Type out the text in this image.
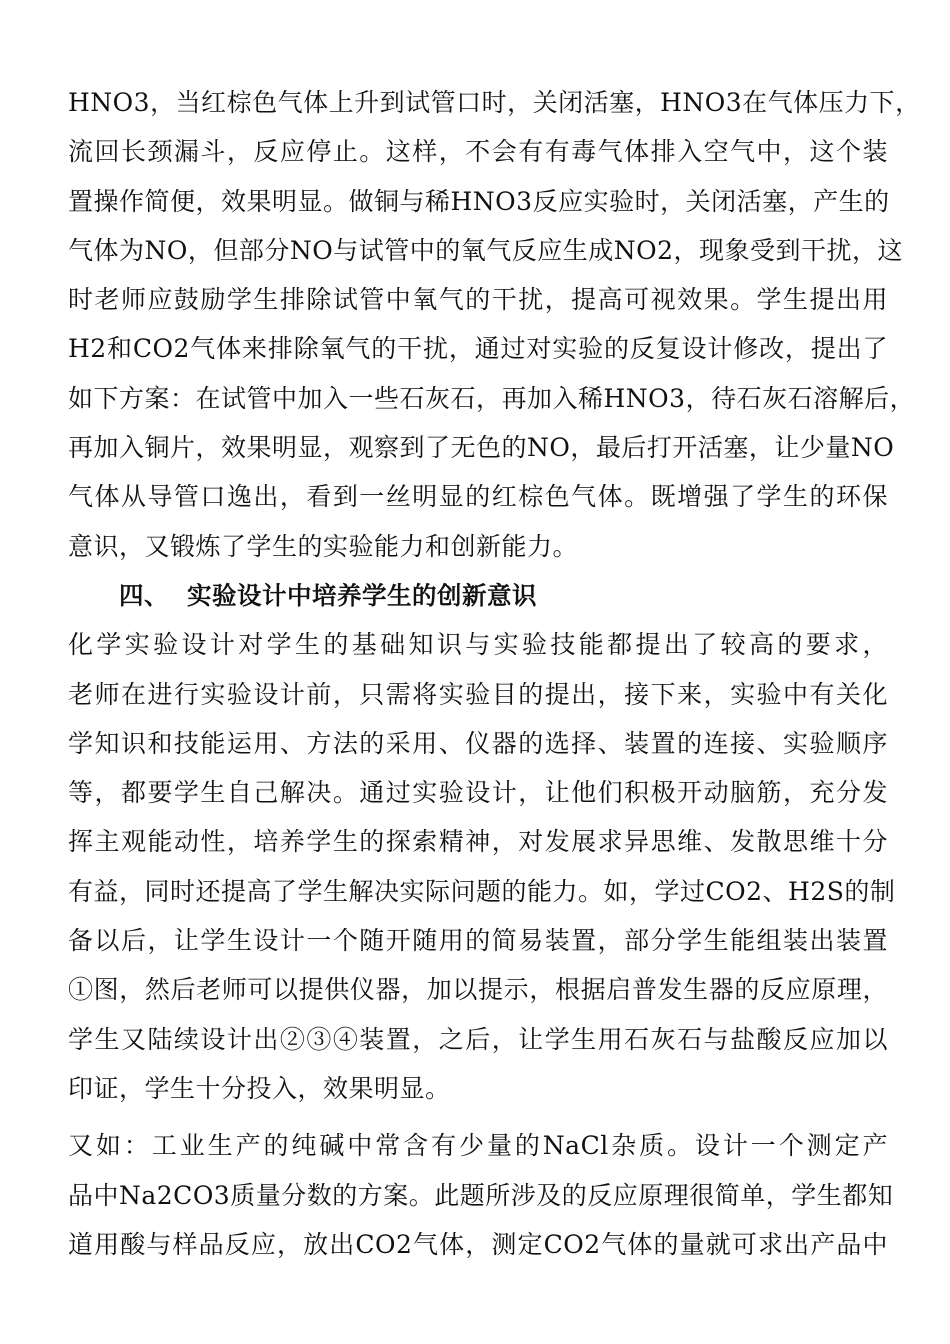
HNO3，当红棕色气体上升到试管口时，关闭活塞，HNO3在气体压力下，
流回长颈漏斗，反应停止。这样，不会有有毒气体排入空气中，这个装
置操作简便，效果明显。做铜与稀HNO3反应实验时，关闭活塞，产生的
气体为NO，但部分NO与试管中的氧气反应生成NO2，现象受到干扰，这
时老师应鼓励学生排除试管中氧气的干扰，提高可视效果。学生提出用
H2和CO2气体来排除氧气的干扰，通过对实验的反复设计修改，提出了
如下方案：在试管中加入一些石灰石，再加入稀HNO3，待石灰石溶解后，
再加入铜片，效果明显，观察到了无色的NO，最后打开活塞，让少量NO
气体从导管口逸出，看到一丝明显的红棕色气体。既增强了学生的环保
意识，又锻炼了学生的实验能力和创新能力。
四、  实验设计中培养学生的创新意识
化学实验设计对学生的基础知识与实验技能都提出了较高的要求，
老师在进行实验设计前，只需将实验目的提出，接下来，实验中有关化
学知识和技能运用、方法的采用、仪器的选择、装置的连接、实验顺序
等，都要学生自己解决。通过实验设计，让他们积极开动脑筋，充分发
挥主观能动性，培养学生的探索精神，对发展求异思维、发散思维十分
有益，同时还提高了学生解决实际问题的能力。如，学过CO2、H2S的制
备以后，让学生设计一个随开随用的简易装置，部分学生能组装出装置
①图，然后老师可以提供仪器，加以提示，根据启普发生器的反应原理，
学生又陆续设计出②③④装置，之后，让学生用石灰石与盐酸反应加以
印证，学生十分投入，效果明显。
又如：工业生产的纯碱中常含有少量的NaCl杂质。设计一个测定产
品中Na2CO3质量分数的方案。此题所涉及的反应原理很简单，学生都知
道用酸与样品反应，放出CO2气体，测定CO2气体的量就可求出产品中
